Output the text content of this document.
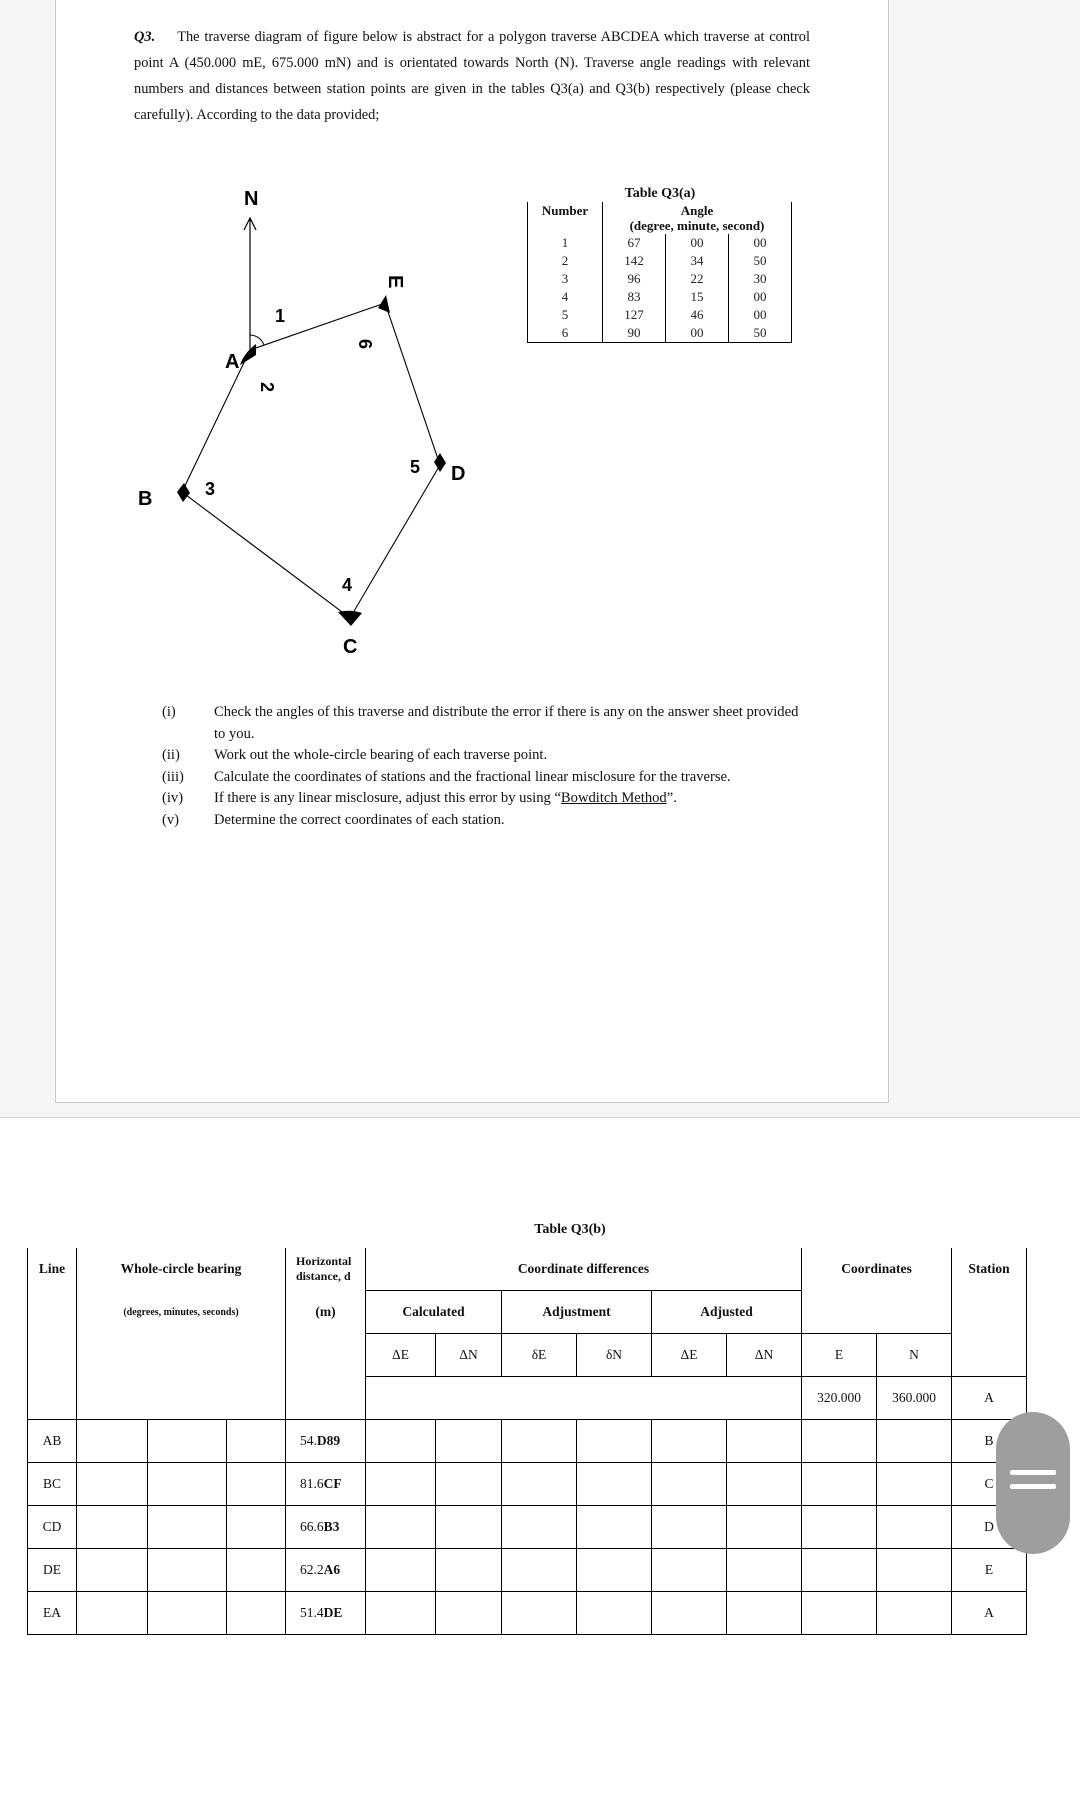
Q3. The traverse diagram of figure below is abstract for a polygon traverse ABCDEA which traverse at control point A (450.000 mE, 675.000 mN) and is orientated towards North (N). Traverse angle readings with relevant numbers and distances between station points are given in the tables Q3(a) and Q3(b) respectively (please check carefully). According to the data provided;

N
A
B
C
D
E
1
2
3
4
5
6

Table Q3(a)

Number	Angle
(degree, minute, second)		
1	67	00	00
2	142	34	50
3	96	22	30
4	83	15	00
5	127	46	00
6	90	00	50
(i)	Check the angles of this traverse and distribute the error if there is any on the answer sheet provided to you.
(ii)	Work out the whole-circle bearing of each traverse point.
(iii)	Calculate the coordinates of stations and the fractional linear misclosure for the traverse.
(iv)	If there is any linear misclosure, adjust this error by using “Bowditch Method”.
(v)	Determine the correct coordinates of each station.

Table Q3(b)

Line	Whole-circle bearing			Horizontal distance, d	Coordinate differences						Coordinates		Station
	(degrees, minutes, seconds)			(m)	Calculated		Adjustment		Adjusted				
					ΔE	ΔN	δE	δN	ΔE	ΔN	E	N	
											320.000	360.000	A
AB				54.D89									B
BC				81.6CF									C
CD				66.6B3									D
DE				62.2A6									E
EA				51.4DE									A
